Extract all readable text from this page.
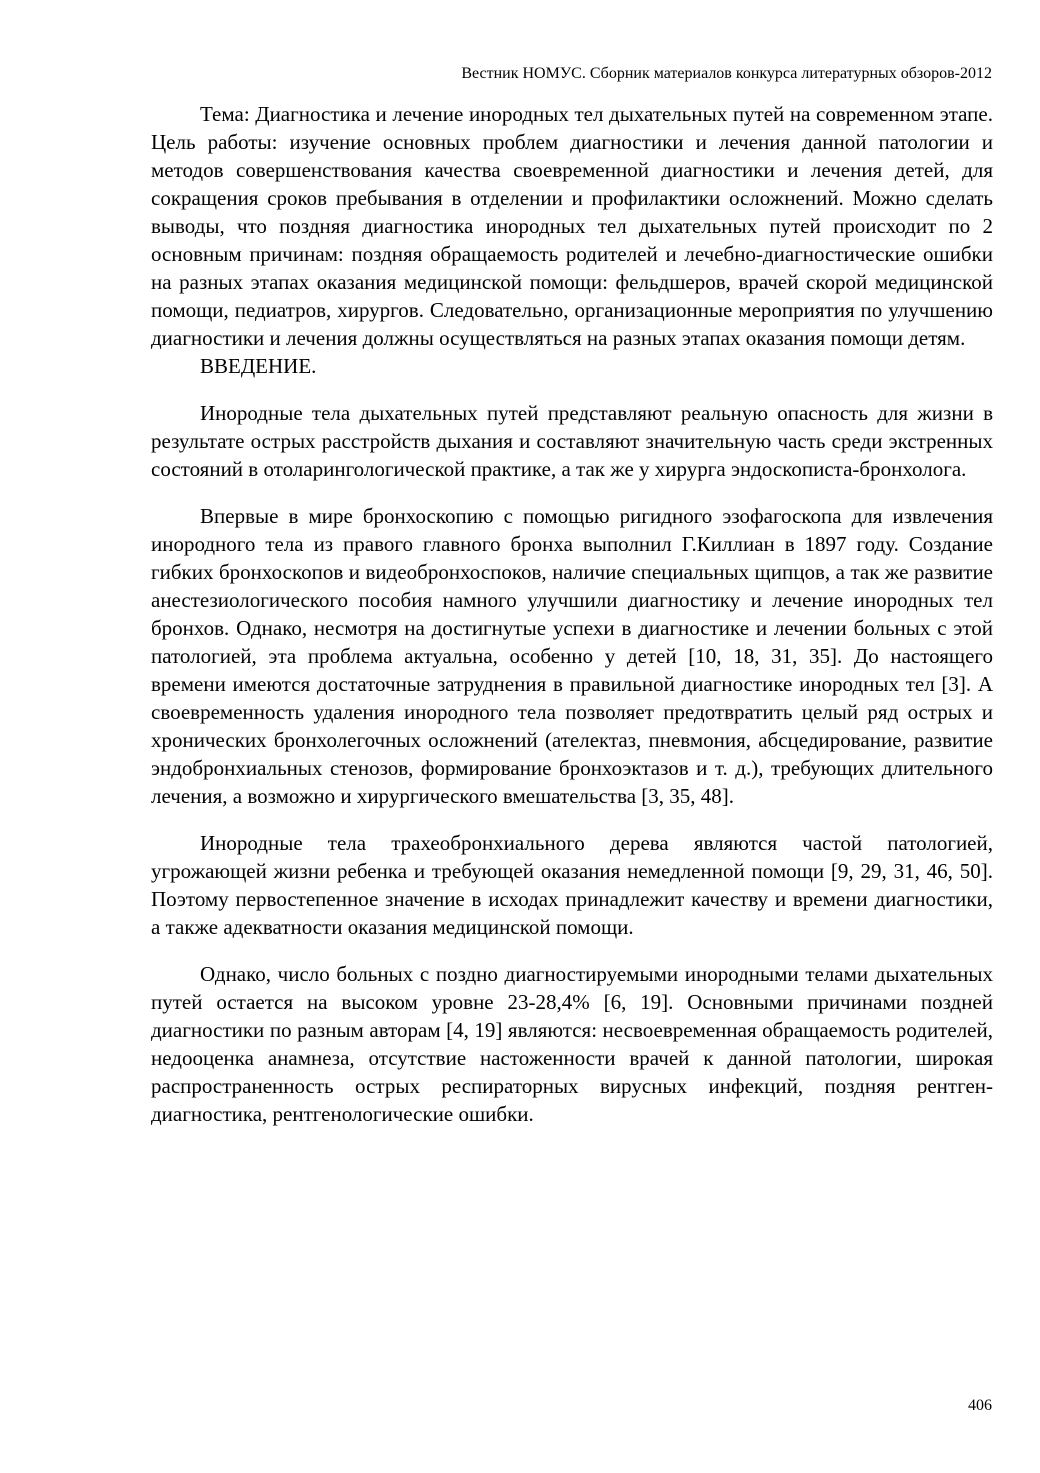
Вестник НОМУС. Сборник материалов конкурса литературных обзоров-2012

Тема: Диагностика и лечение инородных тел дыхательных путей на современном этапе. Цель работы: изучение основных проблем диагностики и лечения данной патологии и методов совершенствования качества своевременной диагностики и лечения детей, для сокращения сроков пребывания в отделении и профилактики осложнений. Можно сделать выводы, что поздняя диагностика инородных тел дыхательных путей происходит по 2 основным причинам: поздняя обращаемость родителей и лечебно-диагностические ошибки на разных этапах оказания медицинской помощи: фельдшеров, врачей скорой медицинской помощи, педиатров, хирургов. Следовательно, организационные мероприятия по улучшению диагностики и лечения должны осуществляться на разных этапах оказания помощи детям.

ВВЕДЕНИЕ.

Инородные тела дыхательных путей представляют реальную опасность для жизни в результате острых расстройств дыхания и составляют значительную часть среди экстренных состояний в отоларингологической практике, а так же у хирурга эндоскописта-бронхолога.

Впервые в мире бронхоскопию с помощью ригидного эзофагоскопа для извлечения инородного тела из правого главного бронха выполнил Г.Киллиан в 1897 году. Создание гибких бронхоскопов и видеобронхоспоков, наличие специальных щипцов, а так же развитие анестезиологического пособия намного улучшили диагностику и лечение инородных тел бронхов. Однако, несмотря на достигнутые успехи в диагностике и лечении больных с этой патологией, эта проблема актуальна, особенно у детей [10, 18, 31, 35]. До настоящего времени имеются достаточные затруднения в правильной диагностике инородных тел [3]. А своевременность удаления инородного тела позволяет предотвратить целый ряд острых и хронических бронхолегочных осложнений (ателектаз, пневмония, абсцедирование, развитие эндобронхиальных стенозов, формирование бронхоэктазов и т. д.), требующих длительного лечения, а возможно и хирургического вмешательства [3, 35, 48].

Инородные тела трахеобронхиального дерева являются частой патологией, угрожающей жизни ребенка и требующей оказания немедленной помощи [9, 29, 31, 46, 50]. Поэтому первостепенное значение в исходах принадлежит качеству и времени диагностики, а также адекватности оказания медицинской помощи.

Однако, число больных с поздно диагностируемыми инородными телами дыхательных путей остается на высоком уровне 23-28,4% [6, 19]. Основными причинами поздней диагностики по разным авторам [4, 19] являются: несвоевременная обращаемость родителей, недооценка анамнеза, отсутствие настоженности врачей к данной патологии, широкая распространенность острых респираторных вирусных инфекций, поздняя рентген-диагностика, рентгенологические ошибки.

406
